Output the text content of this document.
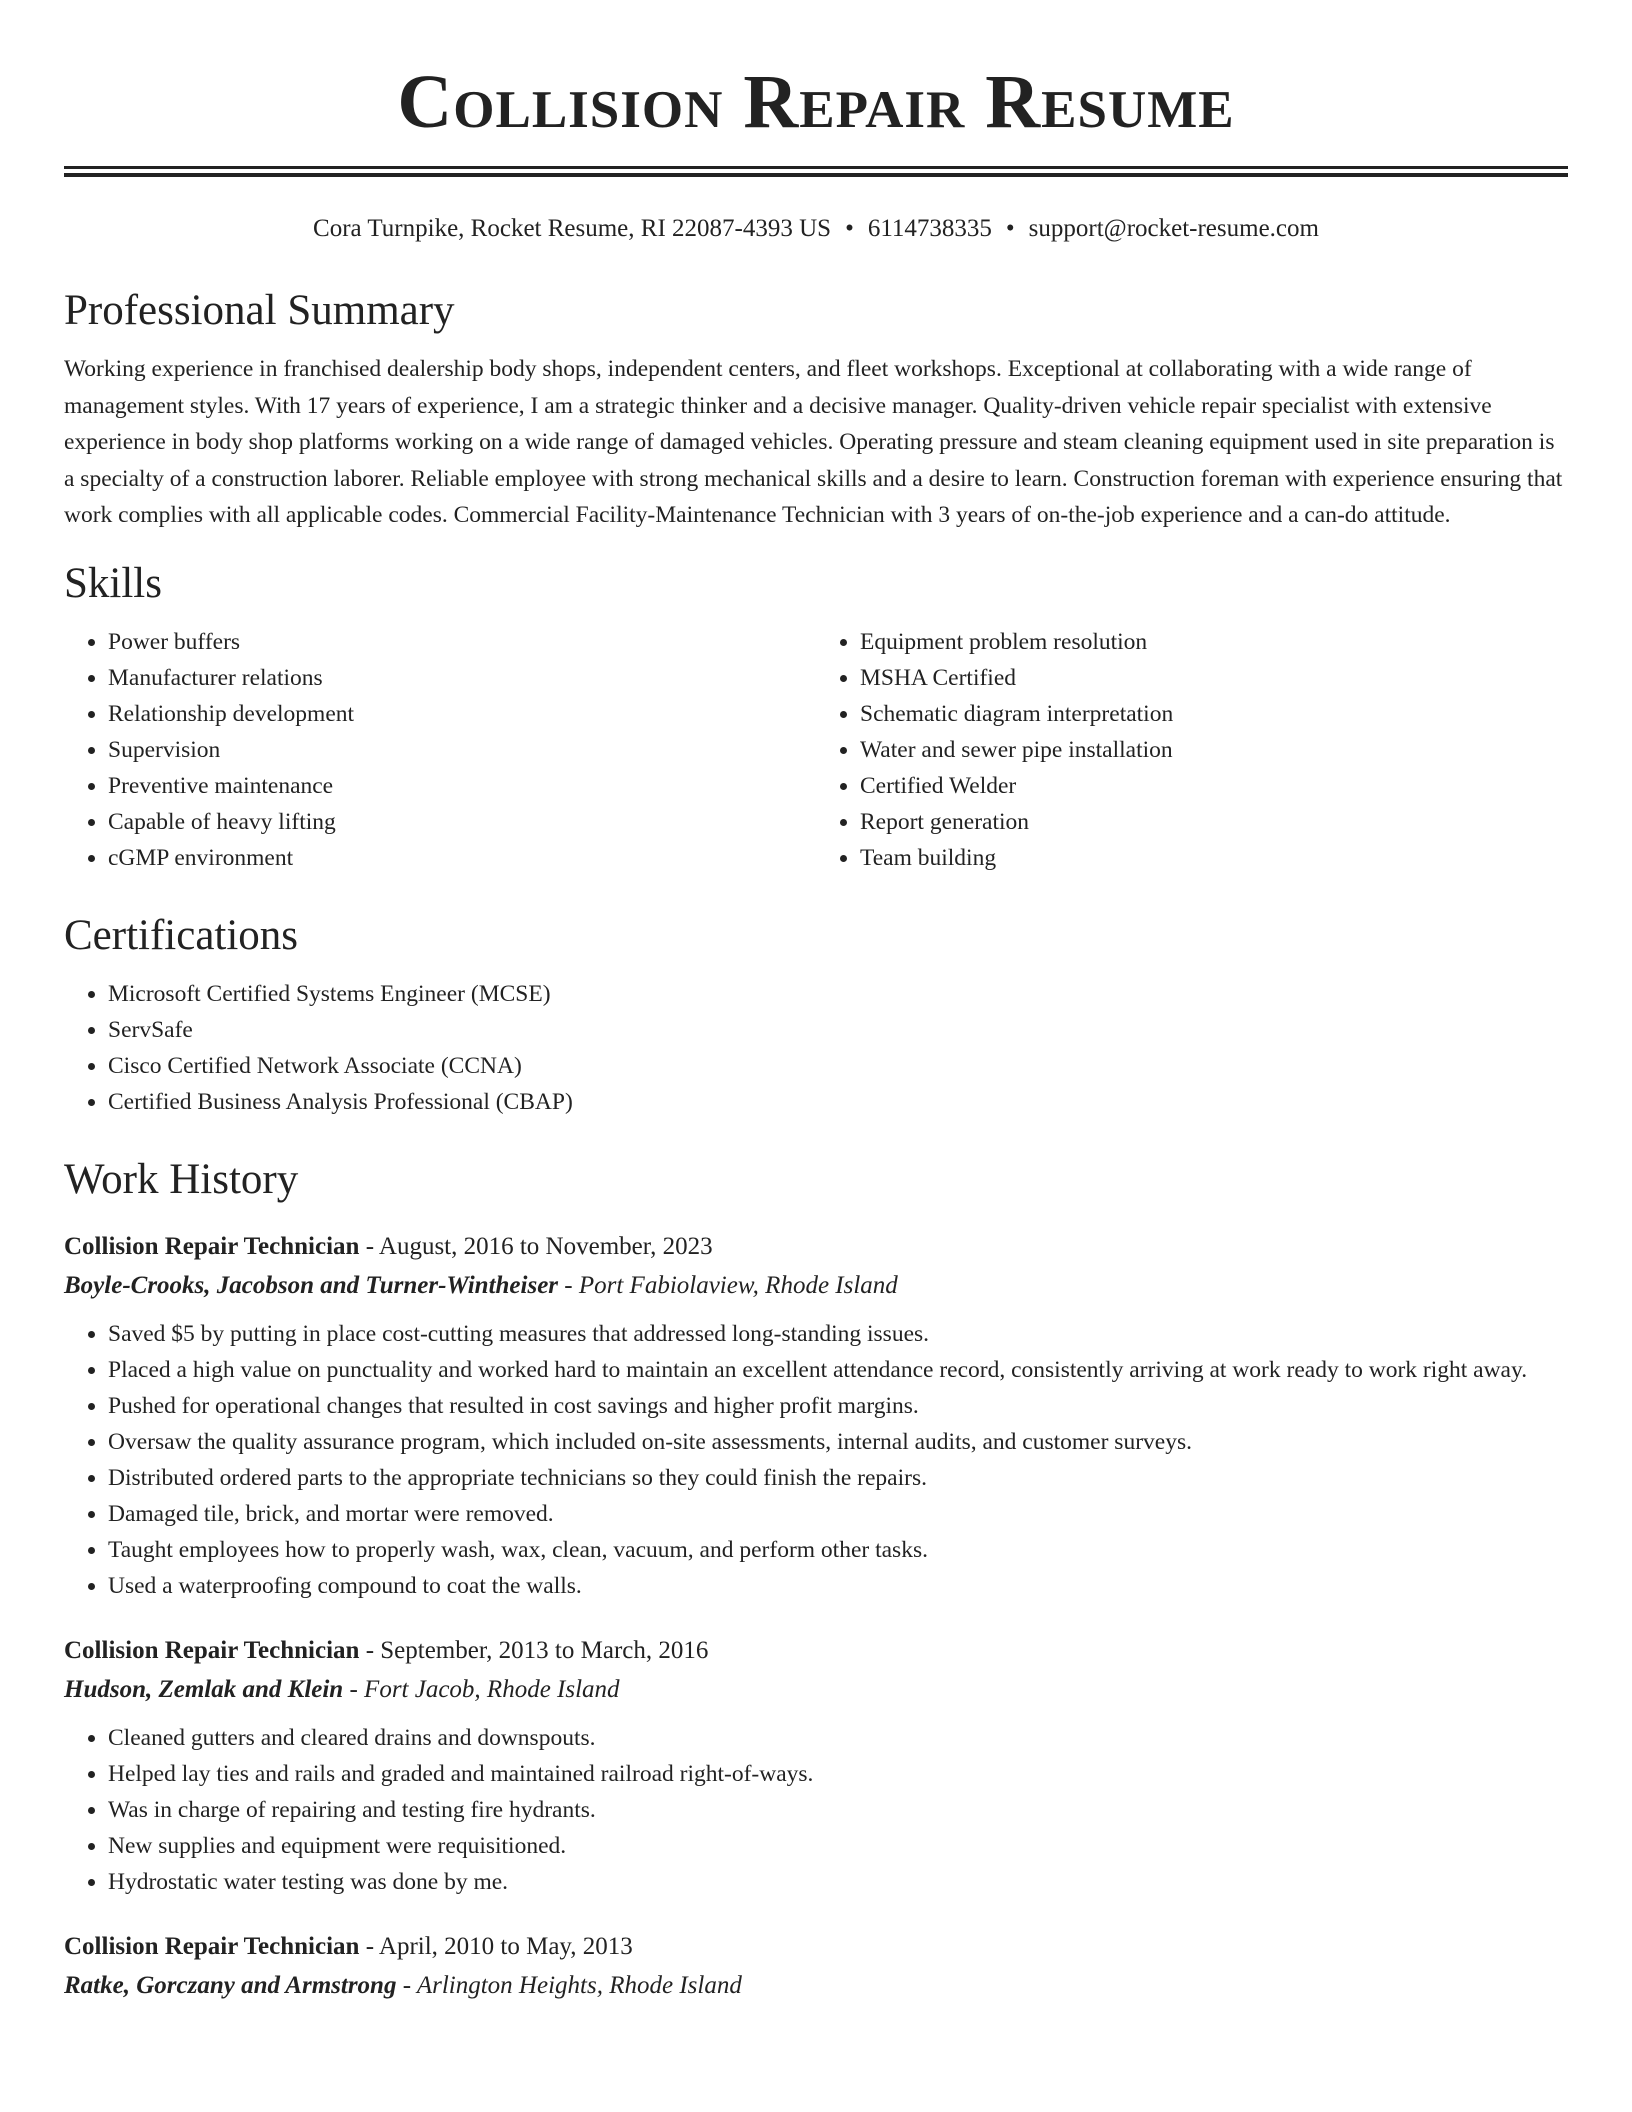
Collision Repair Resume
Cora Turnpike, Rocket Resume, RI 22087-4393 US • 6114738335 • support@rocket-resume.com
Professional Summary

Working experience in franchised dealership body shops, independent centers, and fleet workshops. Exceptional at collaborating with a wide range of management styles. With 17 years of experience, I am a strategic thinker and a decisive manager. Quality-driven vehicle repair specialist with extensive experience in body shop platforms working on a wide range of damaged vehicles. Operating pressure and steam cleaning equipment used in site preparation is a specialty of a construction laborer. Reliable employee with strong mechanical skills and a desire to learn. Construction foreman with experience ensuring that work complies with all applicable codes. Commercial Facility-Maintenance Technician with 3 years of on-the-job experience and a can-do attitude.

Skills
• Power buffers
• Manufacturer relations
• Relationship development
• Supervision
• Preventive maintenance
• Capable of heavy lifting
• cGMP environment
• Equipment problem resolution
• MSHA Certified
• Schematic diagram interpretation
• Water and sewer pipe installation
• Certified Welder
• Report generation
• Team building
Certifications
• Microsoft Certified Systems Engineer (MCSE)
• ServSafe
• Cisco Certified Network Associate (CCNA)
• Certified Business Analysis Professional (CBAP)
Work History
Collision Repair Technician - August, 2016 to November, 2023
Boyle-Crooks, Jacobson and Turner-Wintheiser - Port Fabiolaview, Rhode Island
• Saved $5 by putting in place cost-cutting measures that addressed long-standing issues.
• Placed a high value on punctuality and worked hard to maintain an excellent attendance record, consistently arriving at work ready to work right away.
• Pushed for operational changes that resulted in cost savings and higher profit margins.
• Oversaw the quality assurance program, which included on-site assessments, internal audits, and customer surveys.
• Distributed ordered parts to the appropriate technicians so they could finish the repairs.
• Damaged tile, brick, and mortar were removed.
• Taught employees how to properly wash, wax, clean, vacuum, and perform other tasks.
• Used a waterproofing compound to coat the walls.
Collision Repair Technician - September, 2013 to March, 2016
Hudson, Zemlak and Klein - Fort Jacob, Rhode Island
• Cleaned gutters and cleared drains and downspouts.
• Helped lay ties and rails and graded and maintained railroad right-of-ways.
• Was in charge of repairing and testing fire hydrants.
• New supplies and equipment were requisitioned.
• Hydrostatic water testing was done by me.
Collision Repair Technician - April, 2010 to May, 2013
Ratke, Gorczany and Armstrong - Arlington Heights, Rhode Island
